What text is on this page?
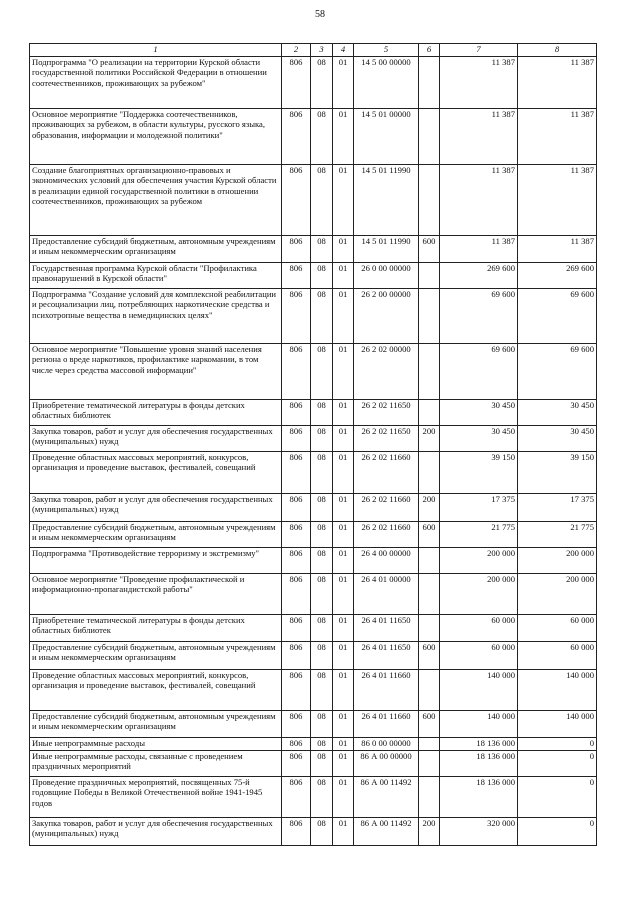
58
1	2	3	4	5	6	7	8
Подпрограмма "О реализации на территории Курской области государственной политики Российской Федерации в отношении соотечественников, проживающих за рубежом"	806	08	01	14 5 00 00000		11 387	11 387
Основное мероприятие "Поддержка соотечественников, проживающих за рубежом, в области культуры, русского языка, образования, информации и молодежной политики"	806	08	01	14 5 01 00000		11 387	11 387
Создание благоприятных организационно-правовых и экономических условий для обеспечения участия Курской области в реализации единой государственной политики в отношении соотечественников, проживающих за рубежом	806	08	01	14 5 01 11990		11 387	11 387
Предоставление субсидий бюджетным, автономным учреждениям и иным некоммерческим организациям	806	08	01	14 5 01 11990	600	11 387	11 387
Государственная программа Курской области "Профилактика правонарушений в Курской области"	806	08	01	26 0 00 00000		269 600	269 600
Подпрограмма "Создание условий для комплексной реабилитации и ресоциализации лиц, потребляющих наркотические средства и психотропные вещества в немедицинских целях"	806	08	01	26 2 00 00000		69 600	69 600
Основное мероприятие "Повышение уровня знаний населения региона о вреде наркотиков, профилактике наркомании, в том числе через средства массовой информации"	806	08	01	26 2 02 00000		69 600	69 600
Приобретение тематической литературы в фонды детских областных библиотек	806	08	01	26 2 02 11650		30 450	30 450
Закупка товаров, работ и услуг для обеспечения государственных (муниципальных) нужд	806	08	01	26 2 02 11650	200	30 450	30 450
Проведение областных массовых мероприятий, конкурсов, организация и проведение выставок, фестивалей, совещаний	806	08	01	26 2 02 11660		39 150	39 150
Закупка товаров, работ и услуг для обеспечения государственных (муниципальных) нужд	806	08	01	26 2 02 11660	200	17 375	17 375
Предоставление субсидий бюджетным, автономным учреждениям и иным некоммерческим организациям	806	08	01	26 2 02 11660	600	21 775	21 775
Подпрограмма "Противодействие терроризму и экстремизму"	806	08	01	26 4 00 00000		200 000	200 000
Основное мероприятие "Проведение профилактической и информационно-пропагандистской работы"	806	08	01	26 4 01 00000		200 000	200 000
Приобретение тематической литературы в фонды детских областных библиотек	806	08	01	26 4 01 11650		60 000	60 000
Предоставление субсидий бюджетным, автономным учреждениям и иным некоммерческим организациям	806	08	01	26 4 01 11650	600	60 000	60 000
Проведение областных массовых мероприятий, конкурсов, организация и проведение выставок, фестивалей, совещаний	806	08	01	26 4 01 11660		140 000	140 000
Предоставление субсидий бюджетным, автономным учреждениям и иным некоммерческим организациям	806	08	01	26 4 01 11660	600	140 000	140 000
Иные непрограммные расходы	806	08	01	86 0 00 00000		18 136 000	0
Иные непрограммные расходы, связанные с проведением праздничных мероприятий	806	08	01	86 А 00 00000		18 136 000	0
Проведение праздничных мероприятий, посвященных 75-й годовщине Победы в Великой Отечественной войне 1941-1945 годов	806	08	01	86 А 00 11492		18 136 000	0
Закупка товаров, работ и услуг для обеспечения государственных (муниципальных) нужд	806	08	01	86 А 00 11492	200	320 000	0
